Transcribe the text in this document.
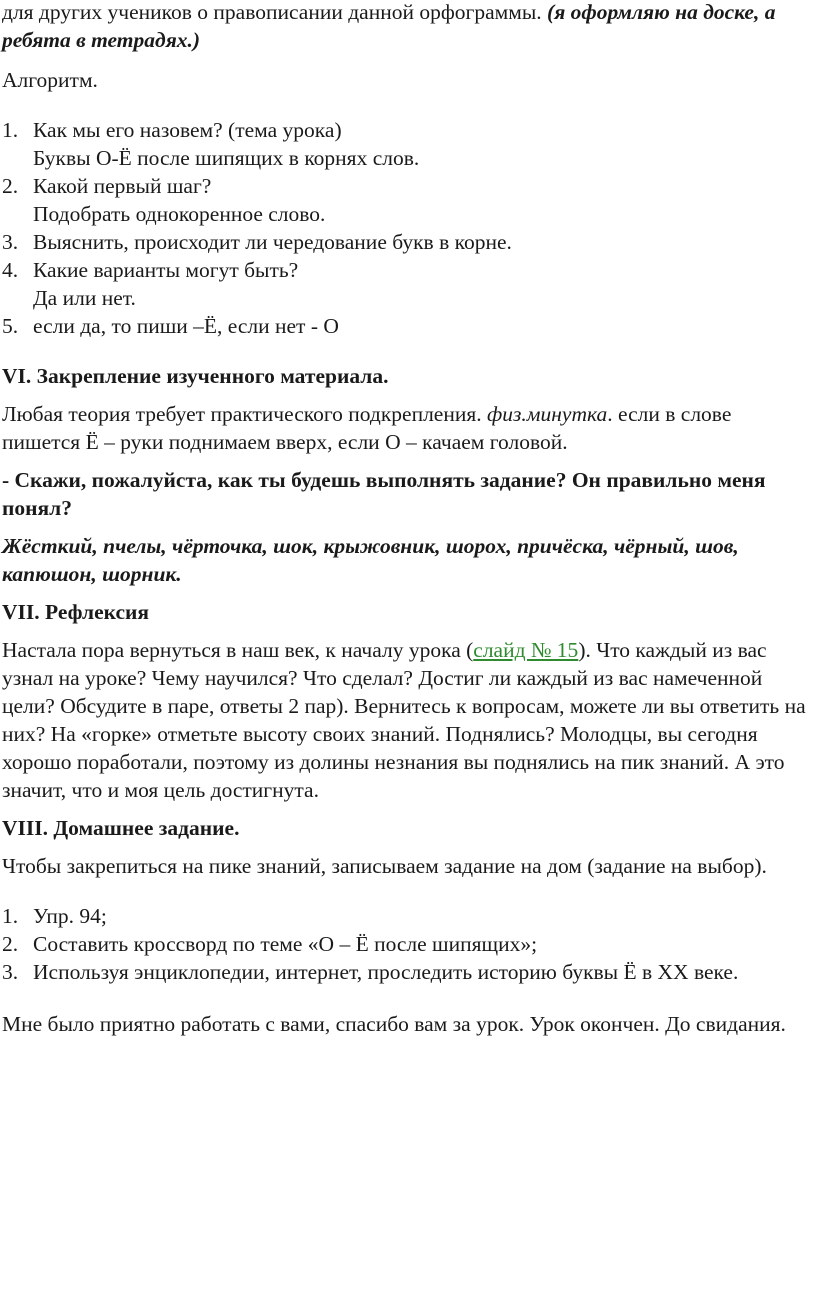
для других учеников о правописании данной орфограммы. (я оформляю на доске, а ребята в тетрадях.)

Алгоритм.

1. Как мы его назовем? (тема урока)
Буквы О-Ё после шипящих в корнях слов.
2. Какой первый шаг?
Подобрать однокоренное слово.
3. Выяснить, происходит ли чередование букв в корне.
4. Какие варианты могут быть?
Да или нет.
5. если да, то пиши –Ё, если нет - О

VI. Закрепление изученного материала.

Любая теория требует практического подкрепления. физ.минутка. если в слове пишется Ё – руки поднимаем вверх, если О – качаем головой.

- Скажи, пожалуйста, как ты будешь выполнять задание? Он правильно меня понял?

Жёсткий, пчелы, чёрточка, шок, крыжовник, шорох, причёска, чёрный, шов, капюшон, шорник.

VII. Рефлексия

Настала пора вернуться в наш век, к началу урока (слайд № 15). Что каждый из вас узнал на уроке? Чему научился? Что сделал? Достиг ли каждый из вас намеченной цели? Обсудите в паре, ответы 2 пар). Вернитесь к вопросам, можете ли вы ответить на них? На «горке» отметьте высоту своих знаний. Поднялись? Молодцы, вы сегодня хорошо поработали, поэтому из долины незнания вы поднялись на пик знаний. А это значит, что и моя цель достигнута.

VIII. Домашнее задание.

Чтобы закрепиться на пике знаний, записываем задание на дом (задание на выбор).

1. Упр. 94;
2. Составить кроссворд по теме «О – Ё после шипящих»;
3. Используя энциклопедии, интернет, проследить историю буквы Ё в XX веке.

Мне было приятно работать с вами, спасибо вам за урок. Урок окончен. До свидания.
